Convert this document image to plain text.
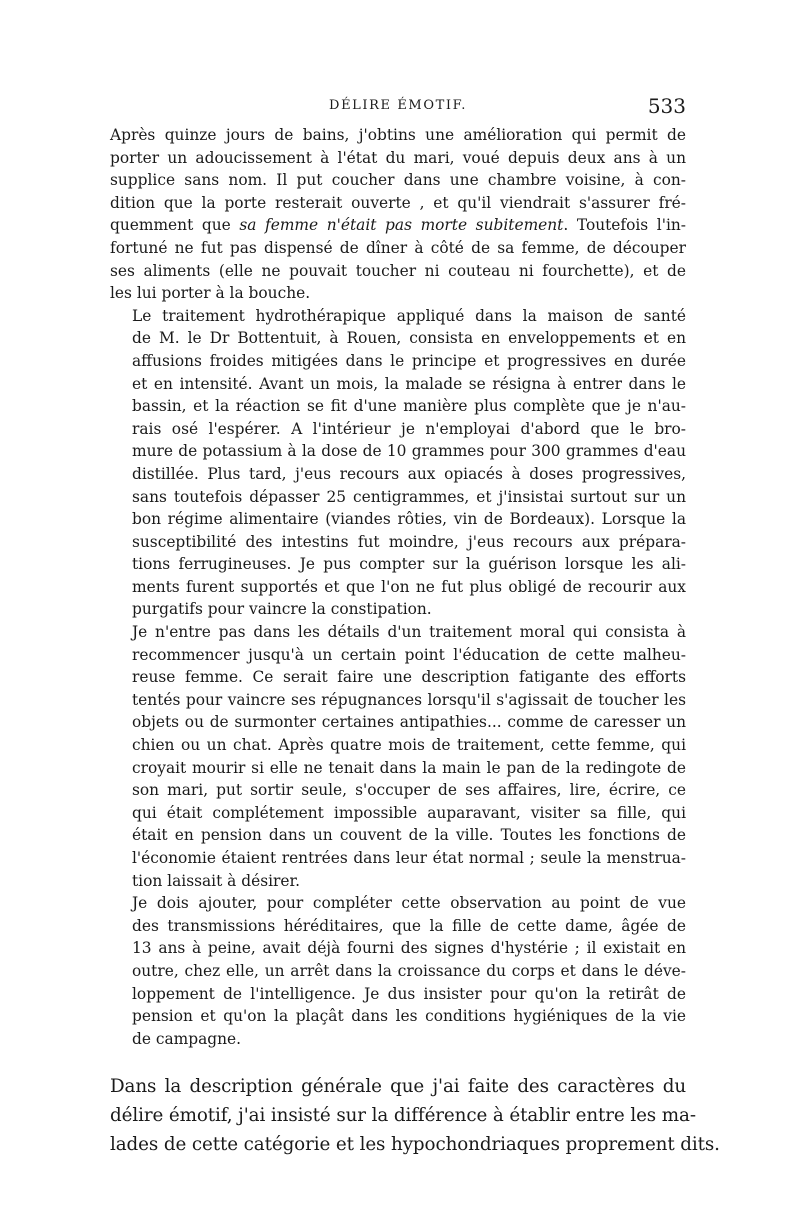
DÉLIRE ÉMOTIF.	533

Après quinze jours de bains, j'obtins une amélioration qui permit de
porter un adoucissement à l'état du mari, voué depuis deux ans à un
supplice sans nom. Il put coucher dans une chambre voisine, à con-
dition que la porte resterait ouverte , et qu'il viendrait s'assurer fré-
quemment que sa femme n'était pas morte subitement. Toutefois l'in-
fortuné ne fut pas dispensé de dîner à côté de sa femme, de découper
ses aliments (elle ne pouvait toucher ni couteau ni fourchette), et de
les lui porter à la bouche.

Le traitement hydrothérapique appliqué dans la maison de santé
de M. le Dr Bottentuit, à Rouen, consista en enveloppements et en
affusions froides mitigées dans le principe et progressives en durée
et en intensité. Avant un mois, la malade se résigna à entrer dans le
bassin, et la réaction se fit d'une manière plus complète que je n'au-
rais osé l'espérer. A l'intérieur je n'employai d'abord que le bro-
mure de potassium à la dose de 10 grammes pour 300 grammes d'eau
distillée. Plus tard, j'eus recours aux opiacés à doses progressives,
sans toutefois dépasser 25 centigrammes, et j'insistai surtout sur un
bon régime alimentaire (viandes rôties, vin de Bordeaux). Lorsque la
susceptibilité des intestins fut moindre, j'eus recours aux prépara-
tions ferrugineuses. Je pus compter sur la guérison lorsque les ali-
ments furent supportés et que l'on ne fut plus obligé de recourir aux
purgatifs pour vaincre la constipation.

Je n'entre pas dans les détails d'un traitement moral qui consista à
recommencer jusqu'à un certain point l'éducation de cette malheu-
reuse femme. Ce serait faire une description fatigante des efforts
tentés pour vaincre ses répugnances lorsqu'il s'agissait de toucher les
objets ou de surmonter certaines antipathies... comme de caresser un
chien ou un chat. Après quatre mois de traitement, cette femme, qui
croyait mourir si elle ne tenait dans la main le pan de la redingote de
son mari, put sortir seule, s'occuper de ses affaires, lire, écrire, ce
qui était complétement impossible auparavant, visiter sa fille, qui
était en pension dans un couvent de la ville. Toutes les fonctions de
l'économie étaient rentrées dans leur état normal ; seule la menstrua-
tion laissait à désirer.

Je dois ajouter, pour compléter cette observation au point de vue
des transmissions héréditaires, que la fille de cette dame, âgée de
13 ans à peine, avait déjà fourni des signes d'hystérie ; il existait en
outre, chez elle, un arrêt dans la croissance du corps et dans le déve-
loppement de l'intelligence. Je dus insister pour qu'on la retirât de
pension et qu'on la plaçât dans les conditions hygiéniques de la vie
de campagne.

Dans la description générale que j'ai faite des caractères du
délire émotif, j'ai insisté sur la différence à établir entre les ma-
lades de cette catégorie et les hypochondriaques proprement dits.
